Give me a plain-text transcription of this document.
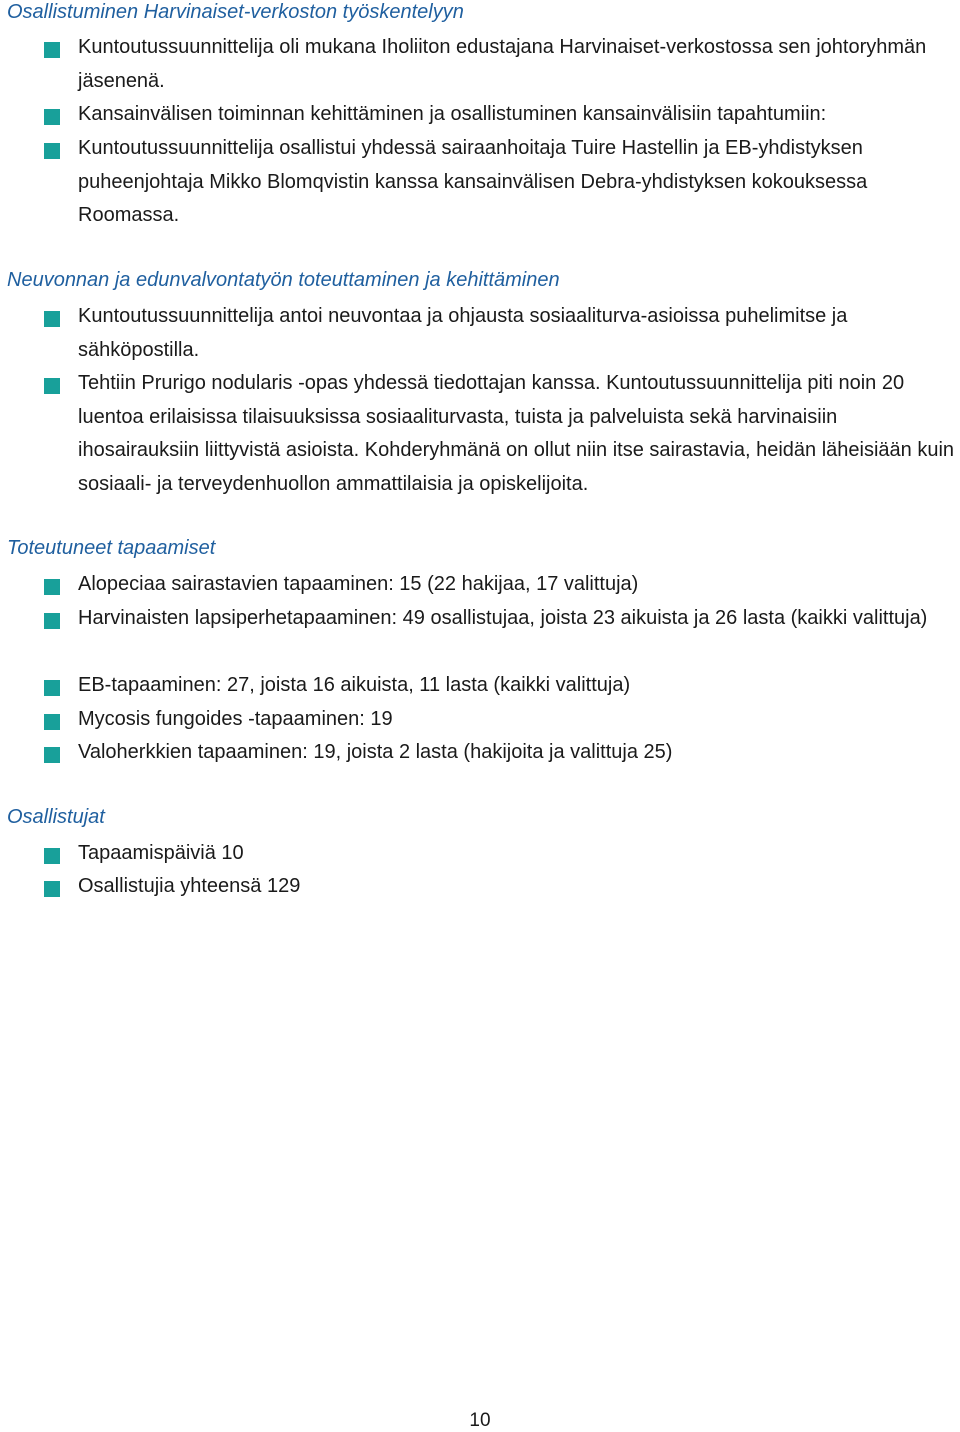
Osallistuminen Harvinaiset-verkoston työskentelyyn
Kuntoutussuunnittelija oli mukana Iholiiton edustajana Harvinaiset-verkostossa sen johtoryhmän jäsenenä.
Kansainvälisen toiminnan kehittäminen ja osallistuminen kansainvälisiin tapahtumiin:
Kuntoutussuunnittelija osallistui yhdessä sairaanhoitaja Tuire Hastellin ja EB-yhdistyksen puheenjohtaja Mikko Blomqvistin kanssa kansainvälisen Debra-yhdistyksen kokouksessa Roomassa.
Neuvonnan ja edunvalvontatyön toteuttaminen ja kehittäminen
Kuntoutussuunnittelija antoi neuvontaa ja ohjausta sosiaaliturva-asioissa puhelimitse ja sähköpostilla.
Tehtiin Prurigo nodularis -opas yhdessä tiedottajan kanssa. Kuntoutussuunnittelija piti noin 20 luentoa erilaisissa tilaisuuksissa sosiaaliturvasta, tuista ja palveluista sekä harvinaisiin ihosairauksiin liittyvistä asioista. Kohderyhmänä on ollut niin itse sairastavia, heidän läheisiään kuin sosiaali- ja terveydenhuollon ammattilaisia ja opiskelijoita.
Toteutuneet tapaamiset
Alopeciaa sairastavien tapaaminen: 15 (22 hakijaa, 17 valittuja)
Harvinaisten lapsiperhetapaaminen: 49 osallistujaa, joista 23 aikuista ja 26 lasta (kaikki valittuja)
EB-tapaaminen: 27, joista 16 aikuista, 11 lasta (kaikki valittuja)
Mycosis fungoides -tapaaminen: 19
Valoherkkien tapaaminen: 19, joista 2 lasta (hakijoita ja valittuja 25)
Osallistujat
Tapaamispäiviä 10
Osallistujia yhteensä 129
10
